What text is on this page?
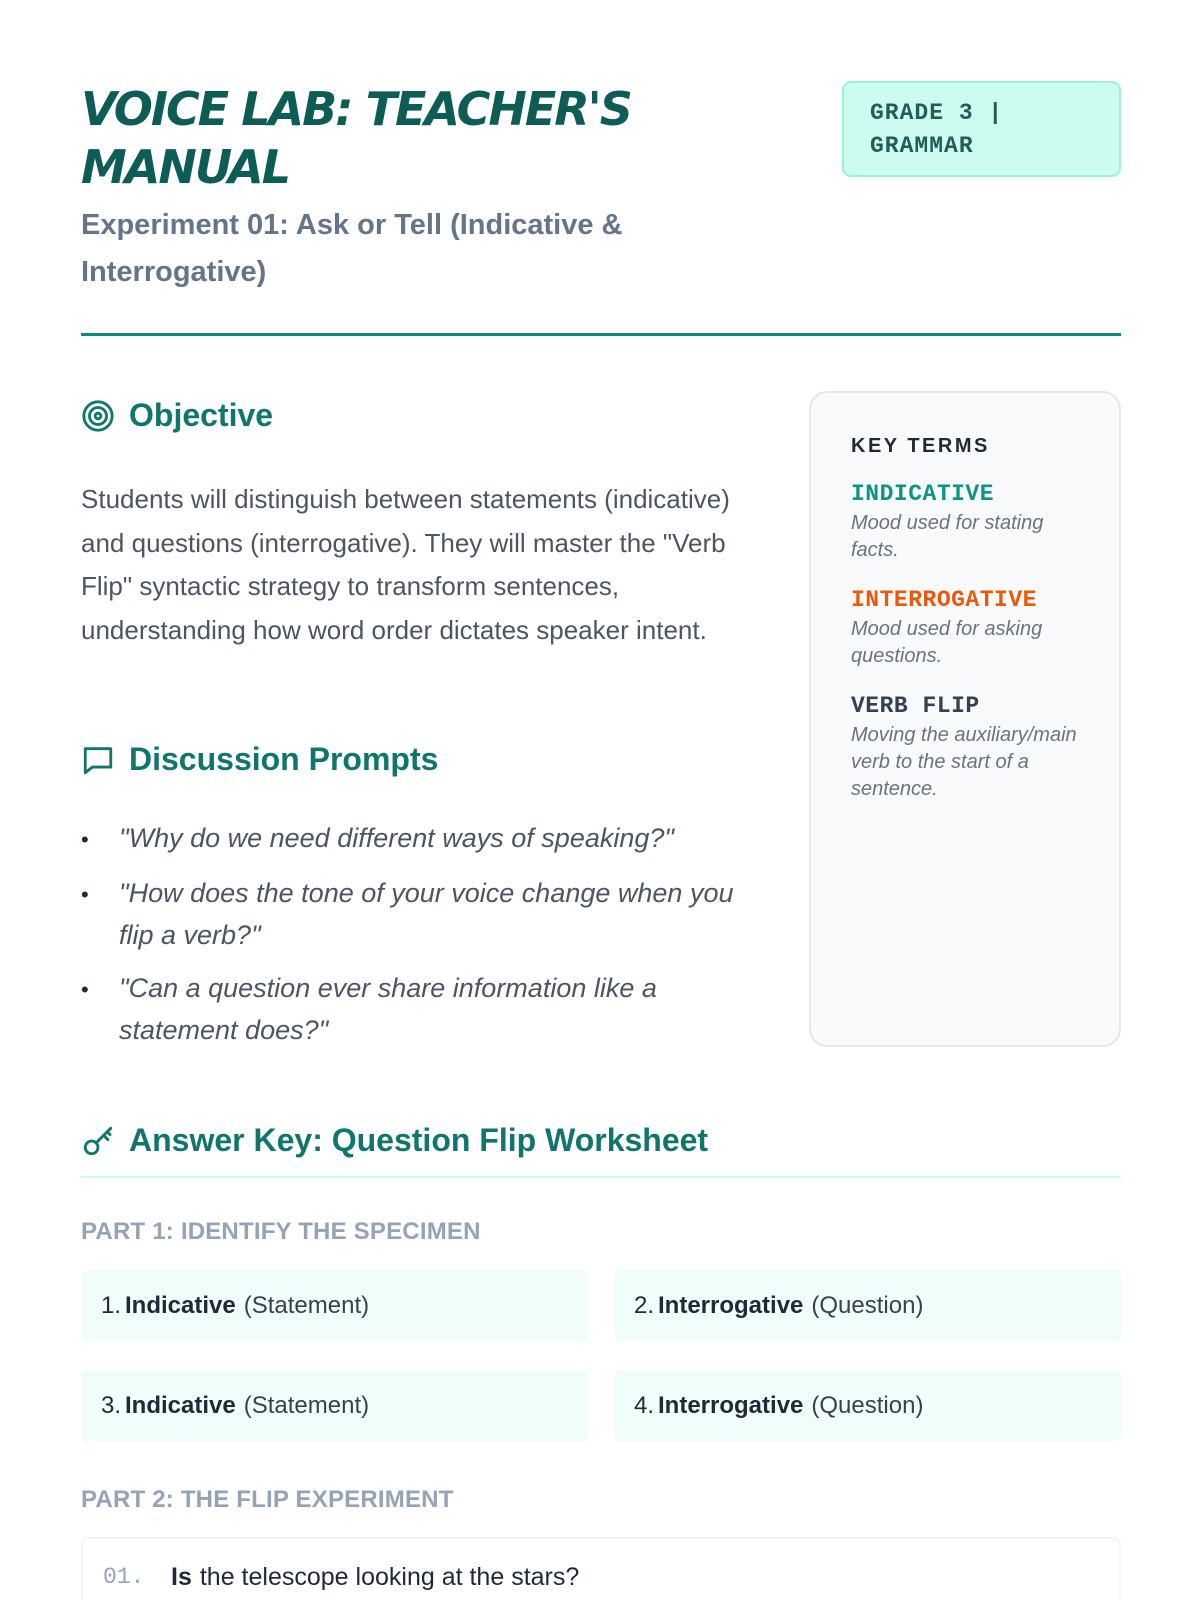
VOICE LAB: TEACHER'S MANUAL
Experiment 01: Ask or Tell (Indicative & Interrogative)
GRADE 3 | GRAMMAR
Objective

Students will distinguish between statements (indicative) and questions (interrogative). They will master the "Verb Flip" syntactic strategy to transform sentences, understanding how word order dictates speaker intent.

Discussion Prompts
• "Why do we need different ways of speaking?"
• "How does the tone of your voice change when you flip a verb?"
• "Can a question ever share information like a statement does?"
KEY TERMS
INDICATIVE
Mood used for stating facts.
INTERROGATIVE
Mood used for asking questions.
VERB FLIP
Moving the auxiliary/main verb to the start of a sentence.
Answer Key: Question Flip Worksheet
PART 1: IDENTIFY THE SPECIMEN
1. Indicative (Statement)	2. Interrogative (Question)
3. Indicative (Statement)	4. Interrogative (Question)
PART 2: THE FLIP EXPERIMENT
01.	Is the telescope looking at the stars?
